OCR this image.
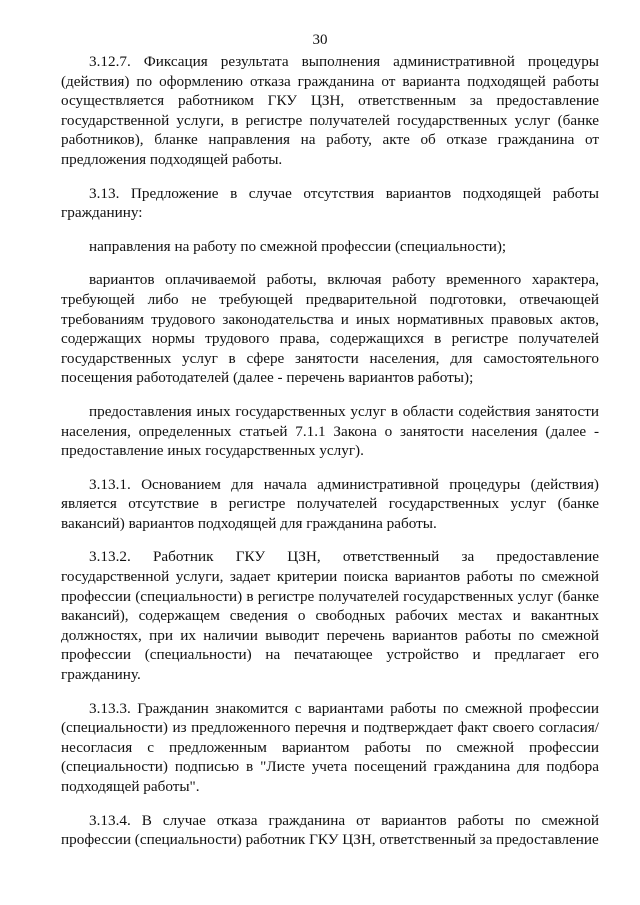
30

3.12.7. Фиксация результата выполнения административной процедуры (действия) по оформлению отказа гражданина от варианта подходящей работы осуществляется работником ГКУ ЦЗН, ответственным за предоставление государственной услуги, в регистре получателей государственных услуг (банке работников), бланке направления на работу, акте об отказе гражданина от предложения подходящей работы.

3.13. Предложение в случае отсутствия вариантов подходящей работы гражданину:

направления на работу по смежной профессии (специальности);

вариантов оплачиваемой работы, включая работу временного характера, требующей либо не требующей предварительной подготовки, отвечающей требованиям трудового законодательства и иных нормативных правовых актов, содержащих нормы трудового права, содержащихся в регистре получателей государственных услуг в сфере занятости населения, для самостоятельного посещения работодателей (далее - перечень вариантов работы);

предоставления иных государственных услуг в области содействия занятости населения, определенных статьей 7.1.1 Закона о занятости населения (далее - предоставление иных государственных услуг).

3.13.1. Основанием для начала административной процедуры (действия) является отсутствие в регистре получателей государственных услуг (банке вакансий) вариантов подходящей для гражданина работы.

3.13.2. Работник ГКУ ЦЗН, ответственный за предоставление государственной услуги, задает критерии поиска вариантов работы по смежной профессии (специальности) в регистре получателей государственных услуг (банке вакансий), содержащем сведения о свободных рабочих местах и вакантных должностях, при их наличии выводит перечень вариантов работы по смежной профессии (специальности) на печатающее устройство и предлагает его гражданину.

3.13.3. Гражданин знакомится с вариантами работы по смежной профессии (специальности) из предложенного перечня и подтверждает факт своего согласия/несогласия с предложенным вариантом работы по смежной профессии (специальности) подписью в "Листе учета посещений гражданина для подбора подходящей работы".

3.13.4. В случае отказа гражданина от вариантов работы по смежной профессии (специальности) работник ГКУ ЦЗН, ответственный за предоставление
